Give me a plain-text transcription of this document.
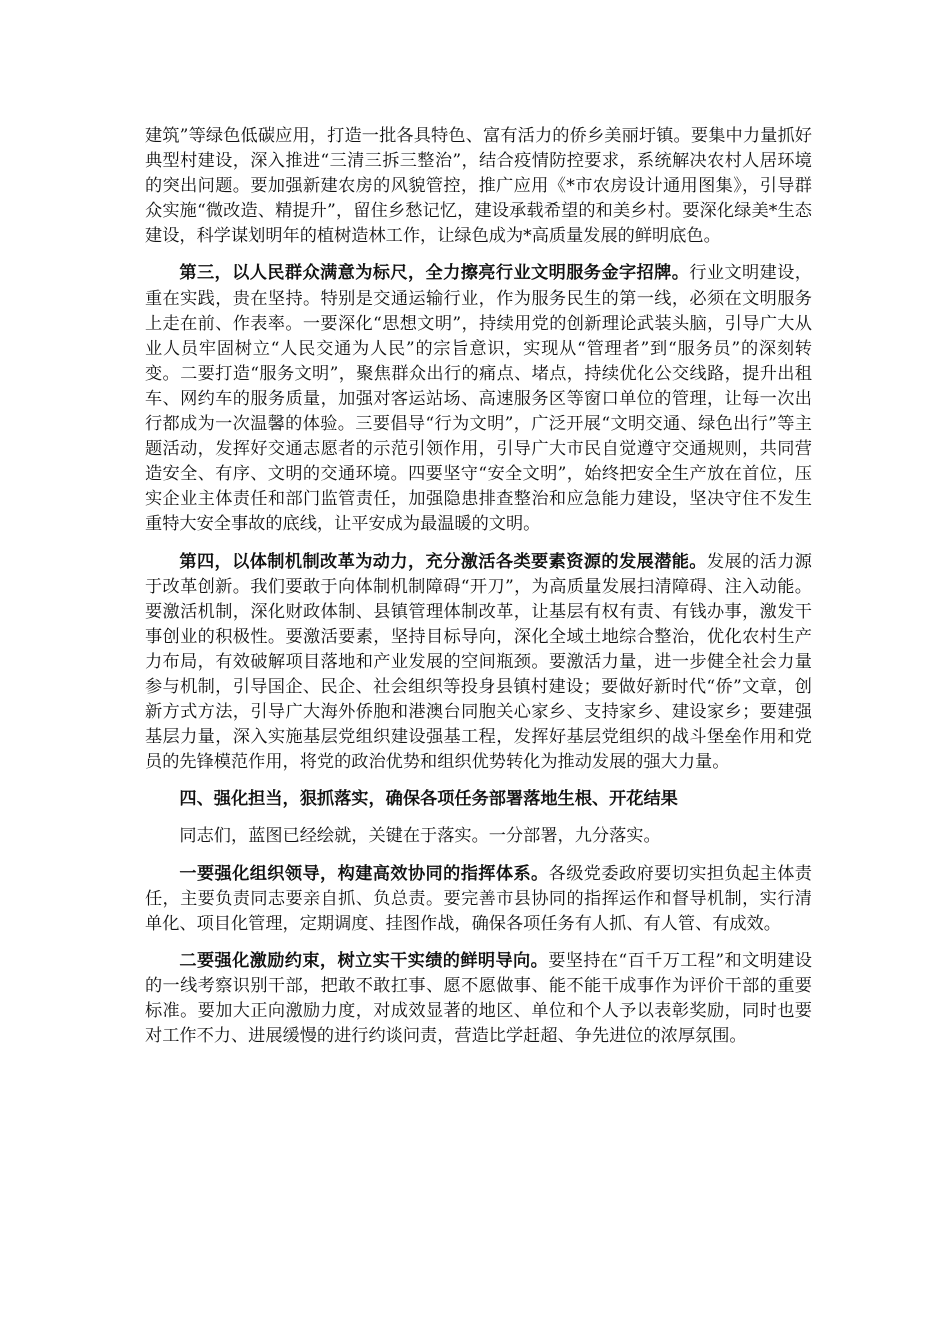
建筑”等绿色低碳应用，打造一批各具特色、富有活力的侨乡美丽圩镇。要集中力量抓好典型村建设，深入推进“三清三拆三整治”，结合疫情防控要求，系统解决农村人居环境的突出问题。要加强新建农房的风貌管控，推广应用《*市农房设计通用图集》，引导群众实施“微改造、精提升”，留住乡愁记忆，建设承载希望的和美乡村。要深化绿美*生态建设，科学谋划明年的植树造林工作，让绿色成为*高质量发展的鲜明底色。

第三，以人民群众满意为标尺，全力擦亮行业文明服务金字招牌。行业文明建设，重在实践，贵在坚持。特别是交通运输行业，作为服务民生的第一线，必须在文明服务上走在前、作表率。一要深化“思想文明”，持续用党的创新理论武装头脑，引导广大从业人员牢固树立“人民交通为人民”的宗旨意识，实现从“管理者”到“服务员”的深刻转变。二要打造“服务文明”，聚焦群众出行的痛点、堵点，持续优化公交线路，提升出租车、网约车的服务质量，加强对客运站场、高速服务区等窗口单位的管理，让每一次出行都成为一次温馨的体验。三要倡导“行为文明”，广泛开展“文明交通、绿色出行”等主题活动，发挥好交通志愿者的示范引领作用，引导广大市民自觉遵守交通规则，共同营造安全、有序、文明的交通环境。四要坚守“安全文明”，始终把安全生产放在首位，压实企业主体责任和部门监管责任，加强隐患排查整治和应急能力建设，坚决守住不发生重特大安全事故的底线，让平安成为最温暖的文明。

第四，以体制机制改革为动力，充分激活各类要素资源的发展潜能。发展的活力源于改革创新。我们要敢于向体制机制障碍“开刀”，为高质量发展扫清障碍、注入动能。要激活机制，深化财政体制、县镇管理体制改革，让基层有权有责、有钱办事，激发干事创业的积极性。要激活要素，坚持目标导向，深化全域土地综合整治，优化农村生产力布局，有效破解项目落地和产业发展的空间瓶颈。要激活力量，进一步健全社会力量参与机制，引导国企、民企、社会组织等投身县镇村建设；要做好新时代“侨”文章，创新方式方法，引导广大海外侨胞和港澳台同胞关心家乡、支持家乡、建设家乡；要建强基层力量，深入实施基层党组织建设强基工程，发挥好基层党组织的战斗堡垒作用和党员的先锋模范作用，将党的政治优势和组织优势转化为推动发展的强大力量。

四、强化担当，狠抓落实，确保各项任务部署落地生根、开花结果

同志们，蓝图已经绘就，关键在于落实。一分部署，九分落实。

一要强化组织领导，构建高效协同的指挥体系。各级党委政府要切实担负起主体责任，主要负责同志要亲自抓、负总责。要完善市县协同的指挥运作和督导机制，实行清单化、项目化管理，定期调度、挂图作战，确保各项任务有人抓、有人管、有成效。

二要强化激励约束，树立实干实绩的鲜明导向。要坚持在“百千万工程”和文明建设的一线考察识别干部，把敢不敢扛事、愿不愿做事、能不能干成事作为评价干部的重要标准。要加大正向激励力度，对成效显著的地区、单位和个人予以表彰奖励，同时也要对工作不力、进展缓慢的进行约谈问责，营造比学赶超、争先进位的浓厚氛围。
